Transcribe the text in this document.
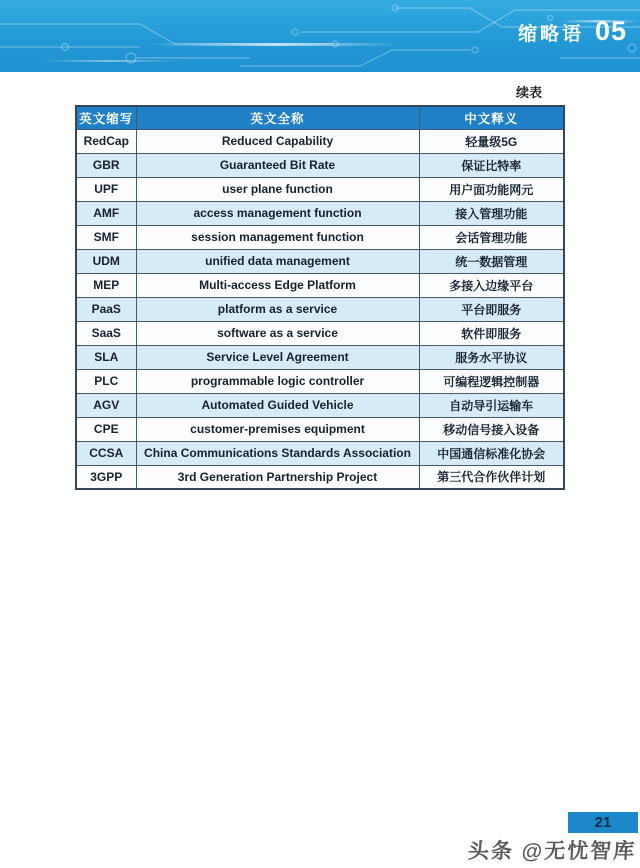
缩略语 05
续表
英文缩写	英文全称	中文释义
RedCap	Reduced Capability	轻量级5G
GBR	Guaranteed Bit Rate	保证比特率
UPF	user plane function	用户面功能网元
AMF	access management function	接入管理功能
SMF	session management function	会话管理功能
UDM	unified data management	统一数据管理
MEP	Multi-access Edge Platform	多接入边缘平台
PaaS	platform as a service	平台即服务
SaaS	software as a service	软件即服务
SLA	Service Level Agreement	服务水平协议
PLC	programmable logic controller	可编程逻辑控制器
AGV	Automated Guided Vehicle	自动导引运输车
CPE	customer-premises equipment	移动信号接入设备
CCSA	China Communications Standards Association	中国通信标准化协会
3GPP	3rd Generation Partnership Project	第三代合作伙伴计划
21
头条 @无忧智库
